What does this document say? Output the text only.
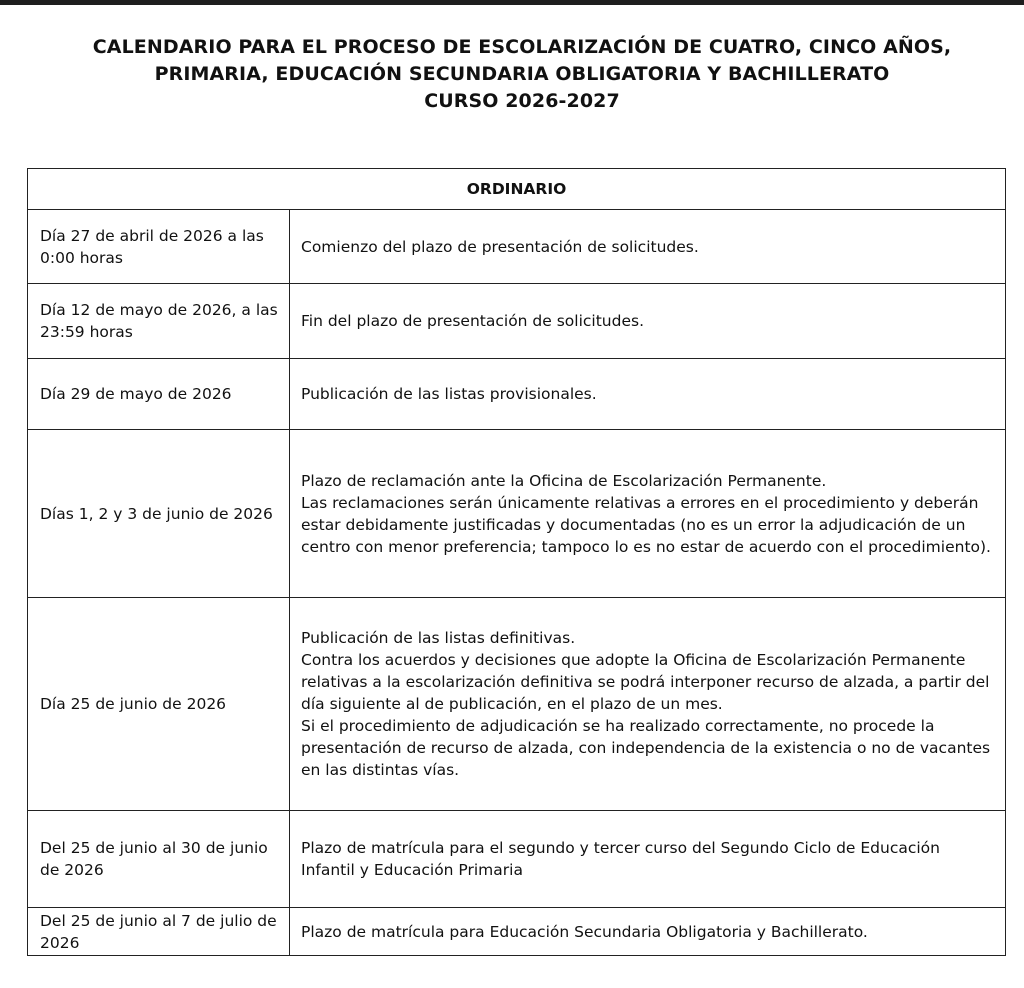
CALENDARIO PARA EL PROCESO DE ESCOLARIZACIÓN DE CUATRO, CINCO AÑOS,
PRIMARIA, EDUCACIÓN SECUNDARIA OBLIGATORIA Y BACHILLERATO
CURSO 2026-2027
ORDINARIO	
Día 27 de abril de 2026 a las 0:00 horas	Comienzo del plazo de presentación de solicitudes.

Día 12 de mayo de 2026, a las 23:59 horas	Fin del plazo de presentación de solicitudes.

Día 29 de mayo de 2026	Publicación de las listas provisionales.

Días 1, 2 y 3 de junio de 2026	Plazo de reclamación ante la Oficina de Escolarización Permanente.
Las reclamaciones serán únicamente relativas a errores en el procedimiento y deberán estar debidamente justificadas y documentadas (no es un error la adjudicación de un centro con menor preferencia; tampoco lo es no estar de acuerdo con el procedimiento).

Día 25 de junio de 2026	Publicación de las listas definitivas.
Contra los acuerdos y decisiones que adopte la Oficina de Escolarización Permanente relativas a la escolarización definitiva se podrá interponer recurso de alzada, a partir del día siguiente al de publicación, en el plazo de un mes.
Si el procedimiento de adjudicación se ha realizado correctamente, no procede la presentación de recurso de alzada, con independencia de la existencia o no de vacantes en las distintas vías.

Del 25 de junio al 30 de junio de 2026	Plazo de matrícula para el segundo y tercer curso del Segundo Ciclo de Educación Infantil y Educación Primaria

Del 25 de junio al 7 de julio de 2026	Plazo de matrícula para Educación Secundaria Obligatoria y Bachillerato.
